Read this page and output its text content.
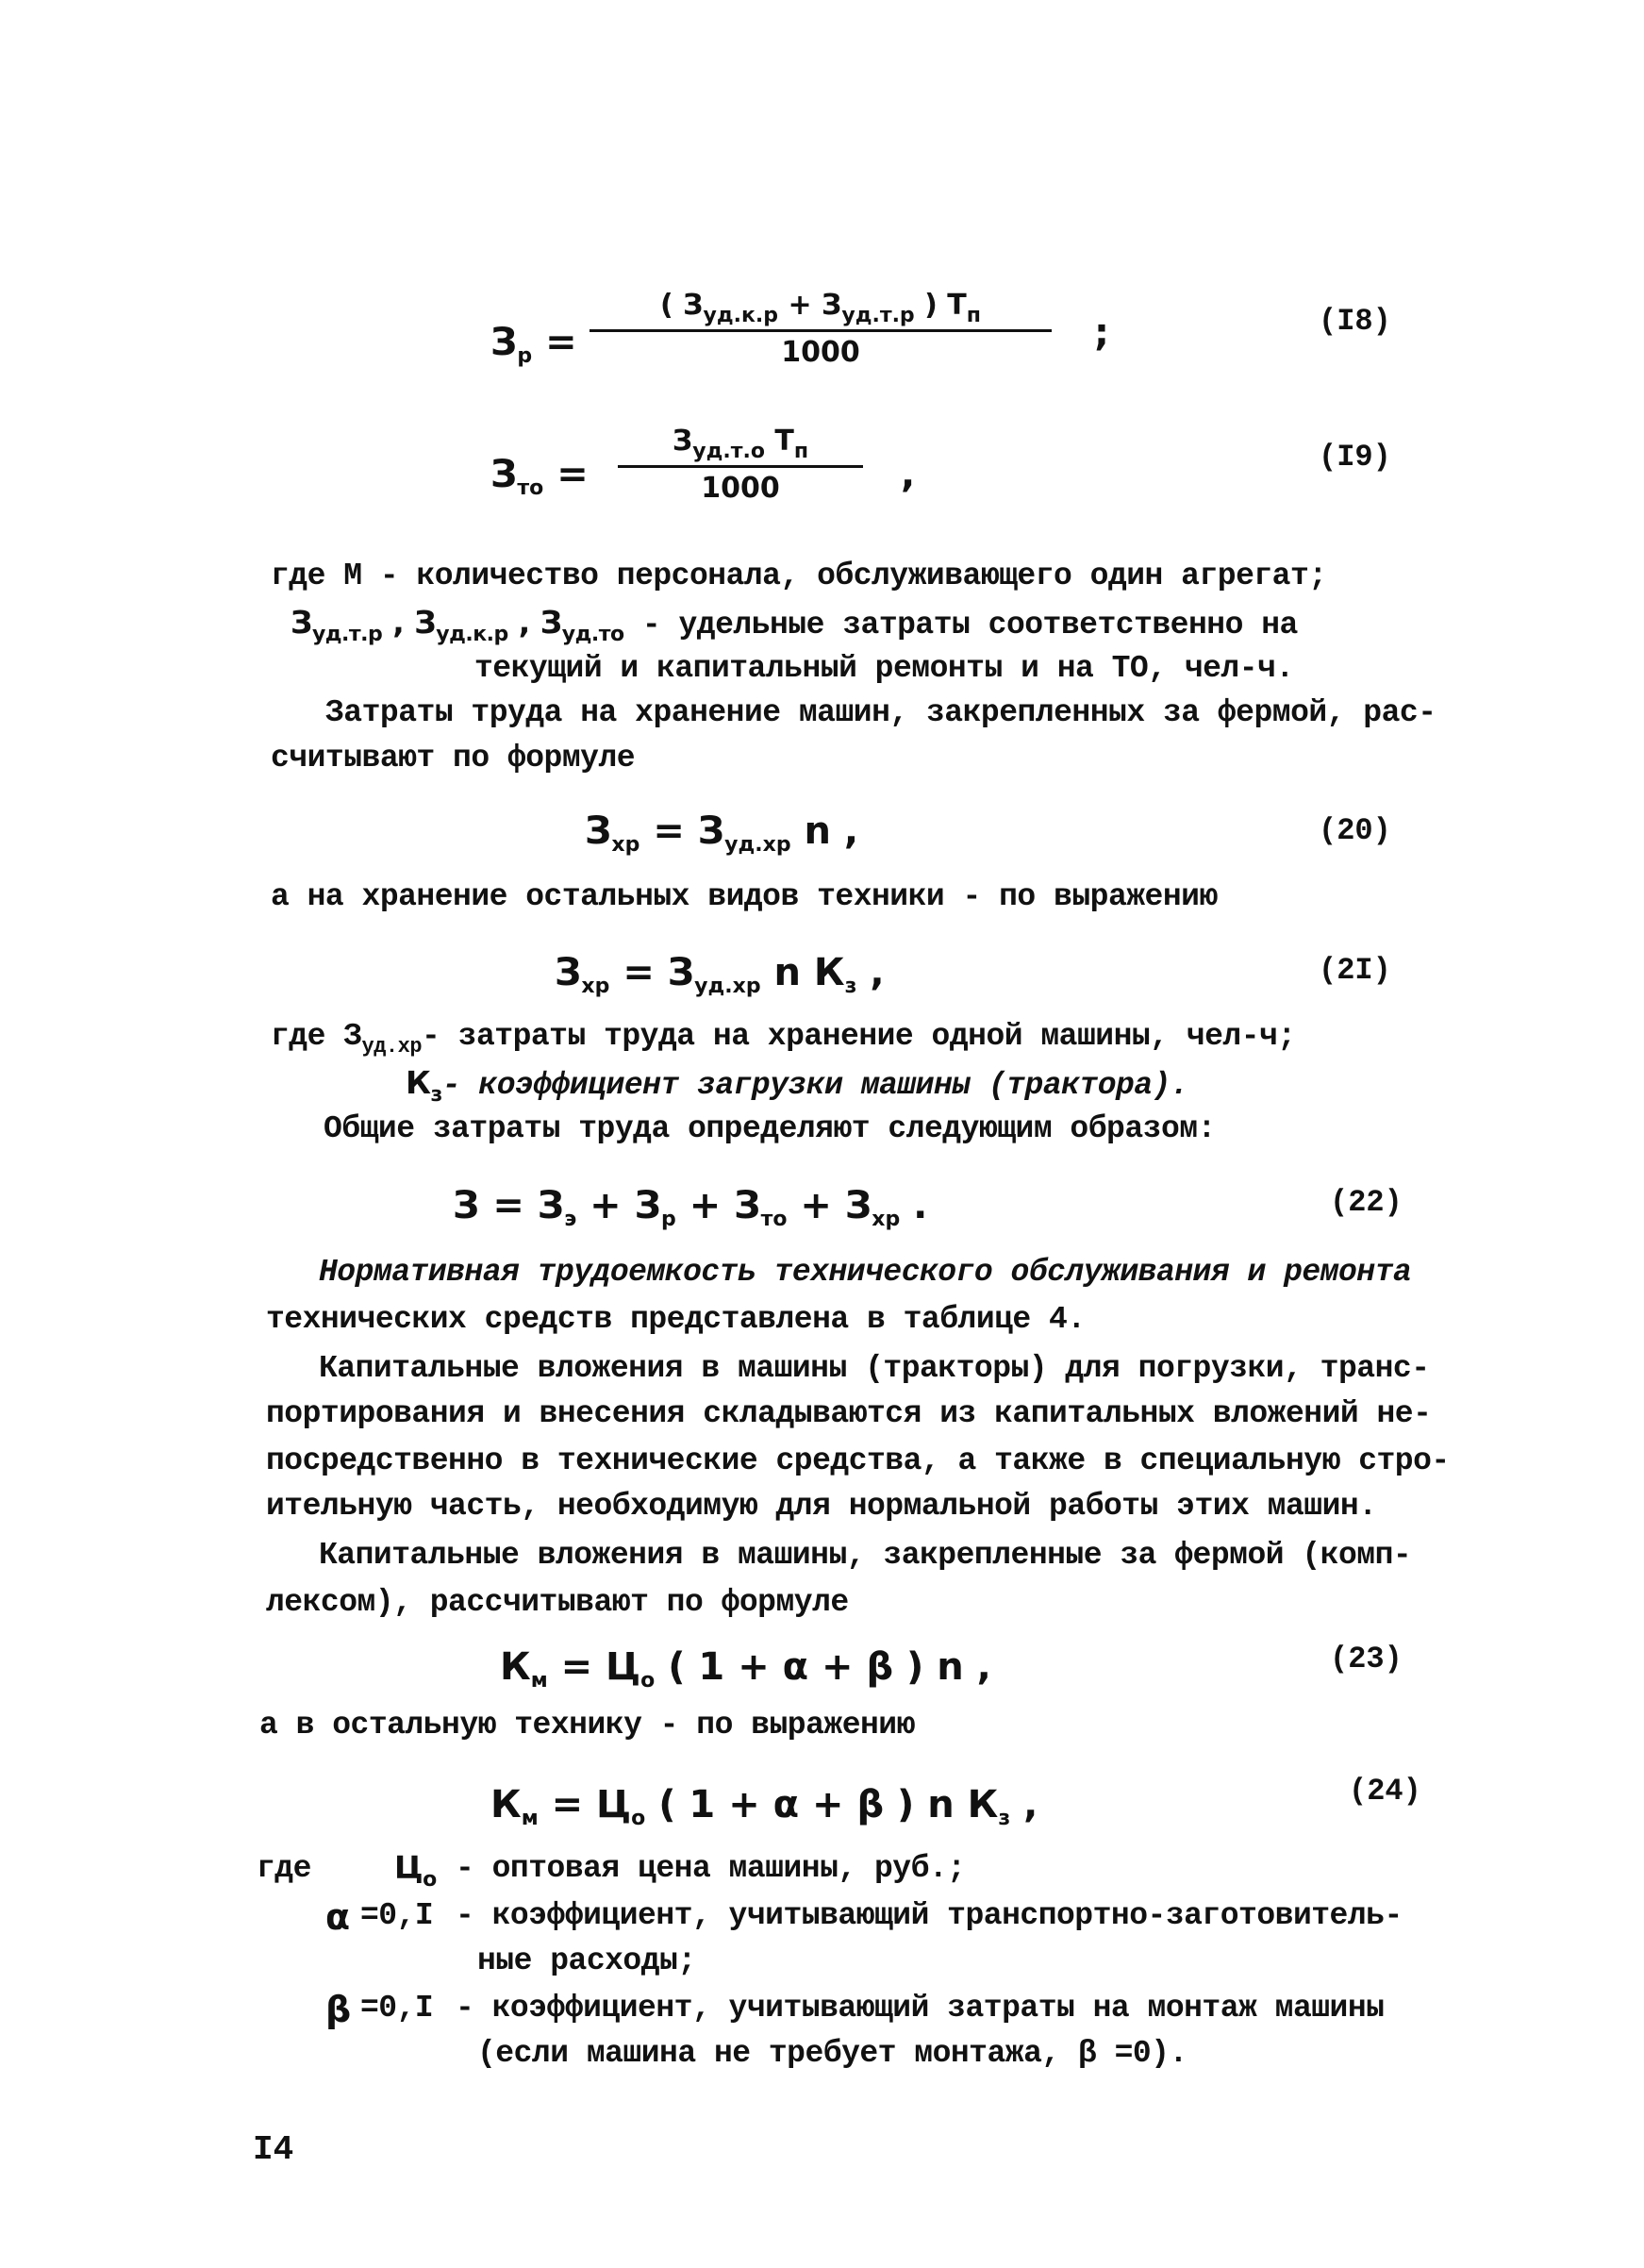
$З_р$ =
( $З_{уд.к.р} + З_{уд.т.р}$ ) $Т_п$
1000	;	(I8)
$З_{то}$ =
$З_{уд.т.о}$ $Т_п$
1000	,	(I9)
где М - количество персонала, обслуживающего один агрегат;
$З_{уд.т.р}$ , $З_{уд.к.р}$ , $З_{уд.то}$ - удельные затраты соответственно на
текущий и капитальный ремонты и на ТО, чел-ч.
Затраты труда на хранение машин, закрепленных за фермой, рас-
считывают по формуле
$З_{хр} = З_{уд.хр}$ n ,	(20)
а на хранение остальных видов техники - по выражению
$З_{хр} = З_{уд.хр}$ n $К_з$ ,	(2I)
где $З_{уд.хр}-$ затраты труда на хранение одной машины, чел-ч;
$К_з-$ коэффициент загрузки машины (трактора).
Общие затраты труда определяют следующим образом:
$З = З_э + З_р + З_{то} + З_{хр}$ .	(22)
Нормативная трудоемкость технического обслуживания и ремонта
технических средств представлена в таблице 4.
Капитальные вложения в машины (тракторы) для погрузки, транс-
портирования и внесения складываются из капитальных вложений не-
посредственно в технические средства, а также в специальную стро-
ительную часть, необходимую для нормальной работы этих машин.
Капитальные вложения в машины, закрепленные за фермой (комп-
лексом), рассчитывают по формуле
$К_м = Ц_о$ ( 1 + α + β ) n ,	(23)
а в остальную технику - по выражению
$К_м = Ц_о$ ( 1 + α + β ) n $К_з$ ,	(24)
где	$Ц_о$ - оптовая цена машины, руб.;
α =0,I - коэффициент, учитывающий транспортно-заготовитель-
ные расходы;
β =0,I - коэффициент, учитывающий затраты на монтаж машины
(если машина не требует монтажа, β =0).
I4
